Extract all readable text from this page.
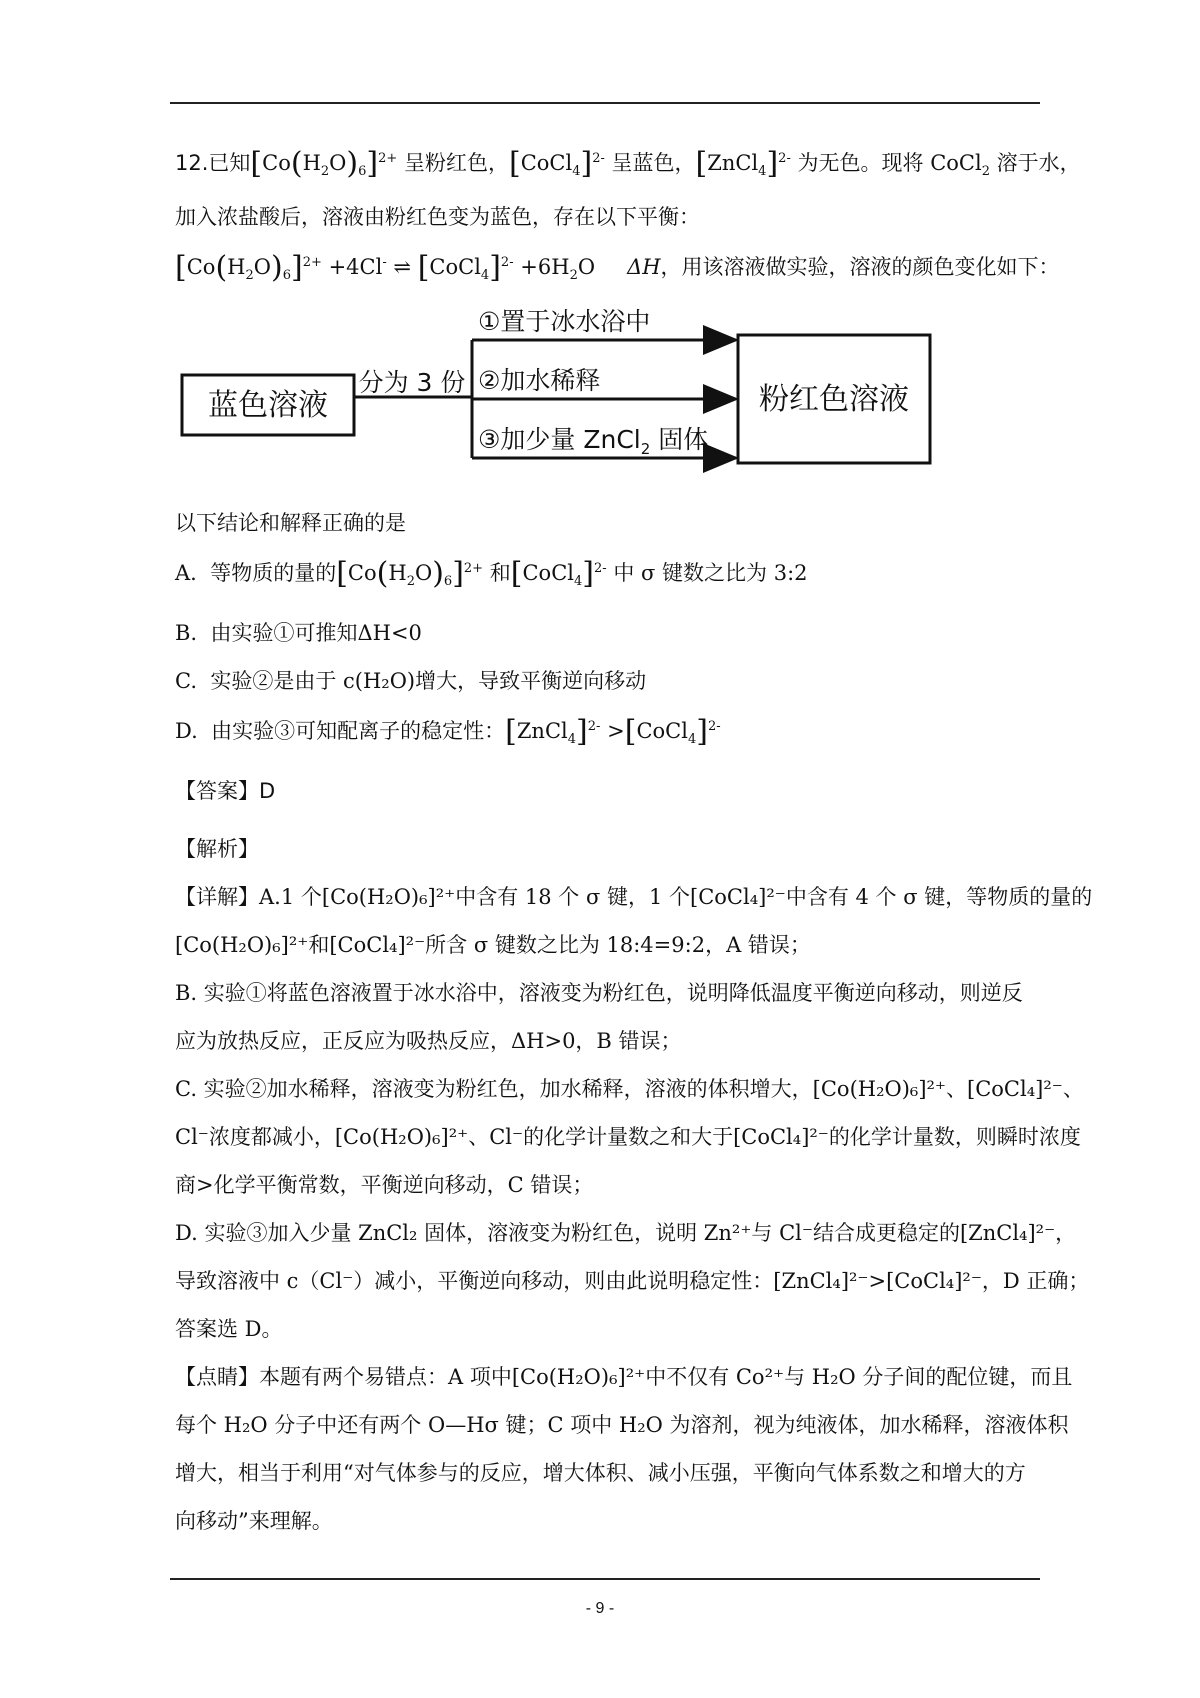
12.已知$[Co(H_2O)_6]^{2+}$ 呈粉红色，[CoCl$_4$]$^{2-}$ 呈蓝色，[ZnCl$_4$]$^{2-}$ 为无色。现将 CoCl$_2$ 溶于水，
加入浓盐酸后，溶液由粉红色变为蓝色，存在以下平衡：
$[Co(H_2O)_6]^{2+} +4Cl^-$ ⇌ [CoCl$_4$]$^{2-}$ $+6H_2O$ ΔH，用该溶液做实验，溶液的颜色变化如下：
蓝色溶液
分为 3 份
①置于冰水浴中
②加水稀释
③加少量 ZnCl$_2$ 固体
粉红色溶液
以下结论和解释正确的是
A. 等物质的量的$[Co(H_2O)_6]^{2+}$ 和[CoCl$_4$]$^{2-}$ 中 σ 键数之比为 3:2
B. 由实验①可推知ΔH<0
C. 实验②是由于 c(H₂O)增大，导致平衡逆向移动
D. 由实验③可知配离子的稳定性：[ZnCl$_4$]$^{2-}$ >[CoCl$_4$]$^{2-}$
【答案】D
【解析】
【详解】A.1 个[Co(H₂O)₆]²⁺中含有 18 个 σ 键，1 个[CoCl₄]²⁻中含有 4 个 σ 键，等物质的量的
[Co(H₂O)₆]²⁺和[CoCl₄]²⁻所含 σ 键数之比为 18:4=9:2，A 错误；
B. 实验①将蓝色溶液置于冰水浴中，溶液变为粉红色，说明降低温度平衡逆向移动，则逆反
应为放热反应，正反应为吸热反应，ΔH>0，B 错误；
C. 实验②加水稀释，溶液变为粉红色，加水稀释，溶液的体积增大，[Co(H₂O)₆]²⁺、[CoCl₄]²⁻、
Cl⁻浓度都减小，[Co(H₂O)₆]²⁺、Cl⁻的化学计量数之和大于[CoCl₄]²⁻的化学计量数，则瞬时浓度
商>化学平衡常数，平衡逆向移动，C 错误；
D. 实验③加入少量 ZnCl₂ 固体，溶液变为粉红色，说明 Zn²⁺与 Cl⁻结合成更稳定的[ZnCl₄]²⁻，
导致溶液中 c（Cl⁻）减小，平衡逆向移动，则由此说明稳定性：[ZnCl₄]²⁻>[CoCl₄]²⁻，D 正确；
答案选 D。
【点睛】本题有两个易错点：A 项中[Co(H₂O)₆]²⁺中不仅有 Co²⁺与 H₂O 分子间的配位键，而且
每个 H₂O 分子中还有两个 O—Hσ 键；C 项中 H₂O 为溶剂，视为纯液体，加水稀释，溶液体积
增大，相当于利用“对气体参与的反应，增大体积、减小压强，平衡向气体系数之和增大的方
向移动”来理解。
- 9 -
